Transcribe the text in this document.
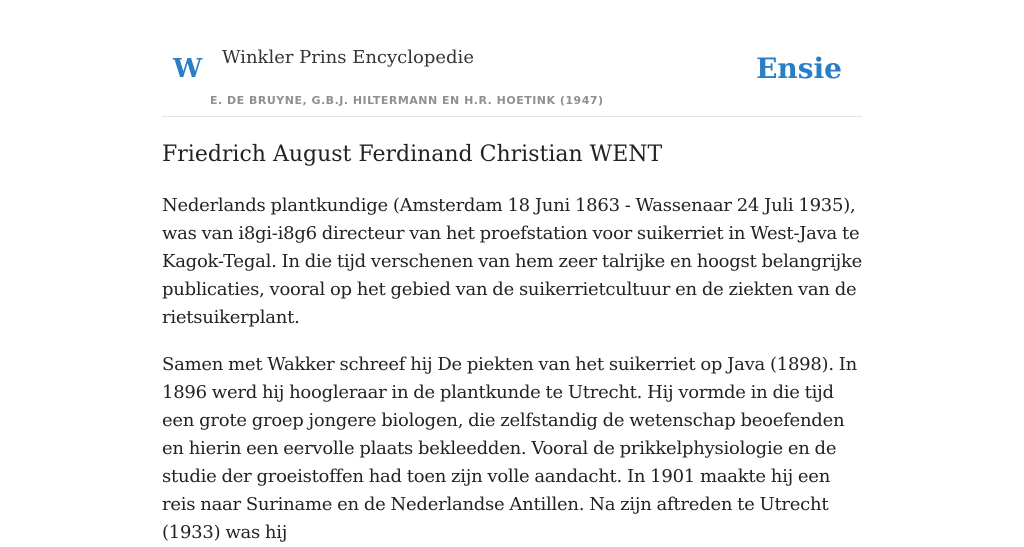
W Winkler Prins Encyclopedie
E. DE BRUYNE, G.B.J. HILTERMANN EN H.R. HOETINK (1947)
Ensie
Friedrich August Ferdinand Christian WENT

Nederlands plantkundige (Amsterdam 18 Juni 1863 - Wassenaar 24 Juli 1935), was van i8gi-i8g6 directeur van het proefstation voor suikerriet in West-Java te Kagok-Tegal. In die tijd verschenen van hem zeer talrijke en hoogst belangrijke publicaties, vooral op het gebied van de suikerrietcultuur en de ziekten van de rietsuikerplant.

Samen met Wakker schreef hij De piekten van het suikerriet op Java (1898). In 1896 werd hij hoogleraar in de plantkunde te Utrecht. Hij vormde in die tijd een grote groep jongere biologen, die zelfstandig de wetenschap beoefenden en hierin een eervolle plaats bekleedden. Vooral de prikkelphysiologie en de studie der groeistoffen had toen zijn volle aandacht. In 1901 maakte hij een reis naar Suriname en de Nederlandse Antillen. Na zijn aftreden te Utrecht (1933) was hij
